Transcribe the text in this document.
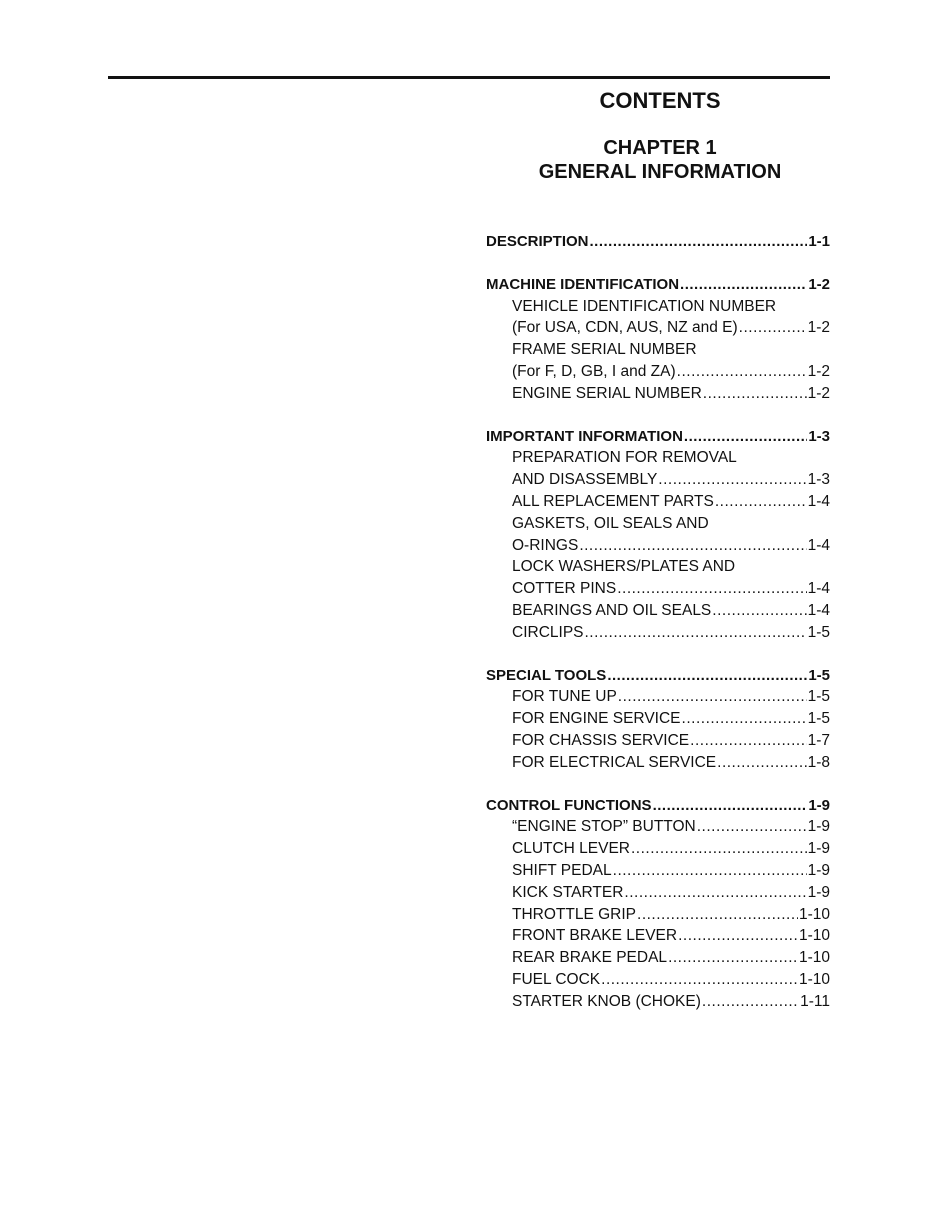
CONTENTS
CHAPTER 1
GENERAL INFORMATION
DESCRIPTION .....	1-1
MACHINE IDENTIFICATION .....	1-2
VEHICLE IDENTIFICATION NUMBER
(For USA, CDN, AUS, NZ and E) .....	1-2
FRAME SERIAL NUMBER
(For F, D, GB, I and ZA) .....	1-2
ENGINE SERIAL NUMBER .....	1-2
IMPORTANT INFORMATION .....	1-3
PREPARATION FOR REMOVAL
AND DISASSEMBLY .....	1-3
ALL REPLACEMENT PARTS .....	1-4
GASKETS, OIL SEALS AND
O-RINGS .....	1-4
LOCK WASHERS/PLATES AND
COTTER PINS .....	1-4
BEARINGS AND OIL SEALS .....	1-4
CIRCLIPS .....	1-5
SPECIAL TOOLS .....	1-5
FOR TUNE UP .....	1-5
FOR ENGINE SERVICE .....	1-5
FOR CHASSIS SERVICE .....	1-7
FOR ELECTRICAL SERVICE .....	1-8
CONTROL FUNCTIONS .....	1-9
“ENGINE STOP” BUTTON .....	1-9
CLUTCH LEVER .....	1-9
SHIFT PEDAL .....	1-9
KICK STARTER .....	1-9
THROTTLE GRIP .....	1-10
FRONT BRAKE LEVER .....	1-10
REAR BRAKE PEDAL .....	1-10
FUEL COCK .....	1-10
STARTER KNOB (CHOKE) .....	1-11
